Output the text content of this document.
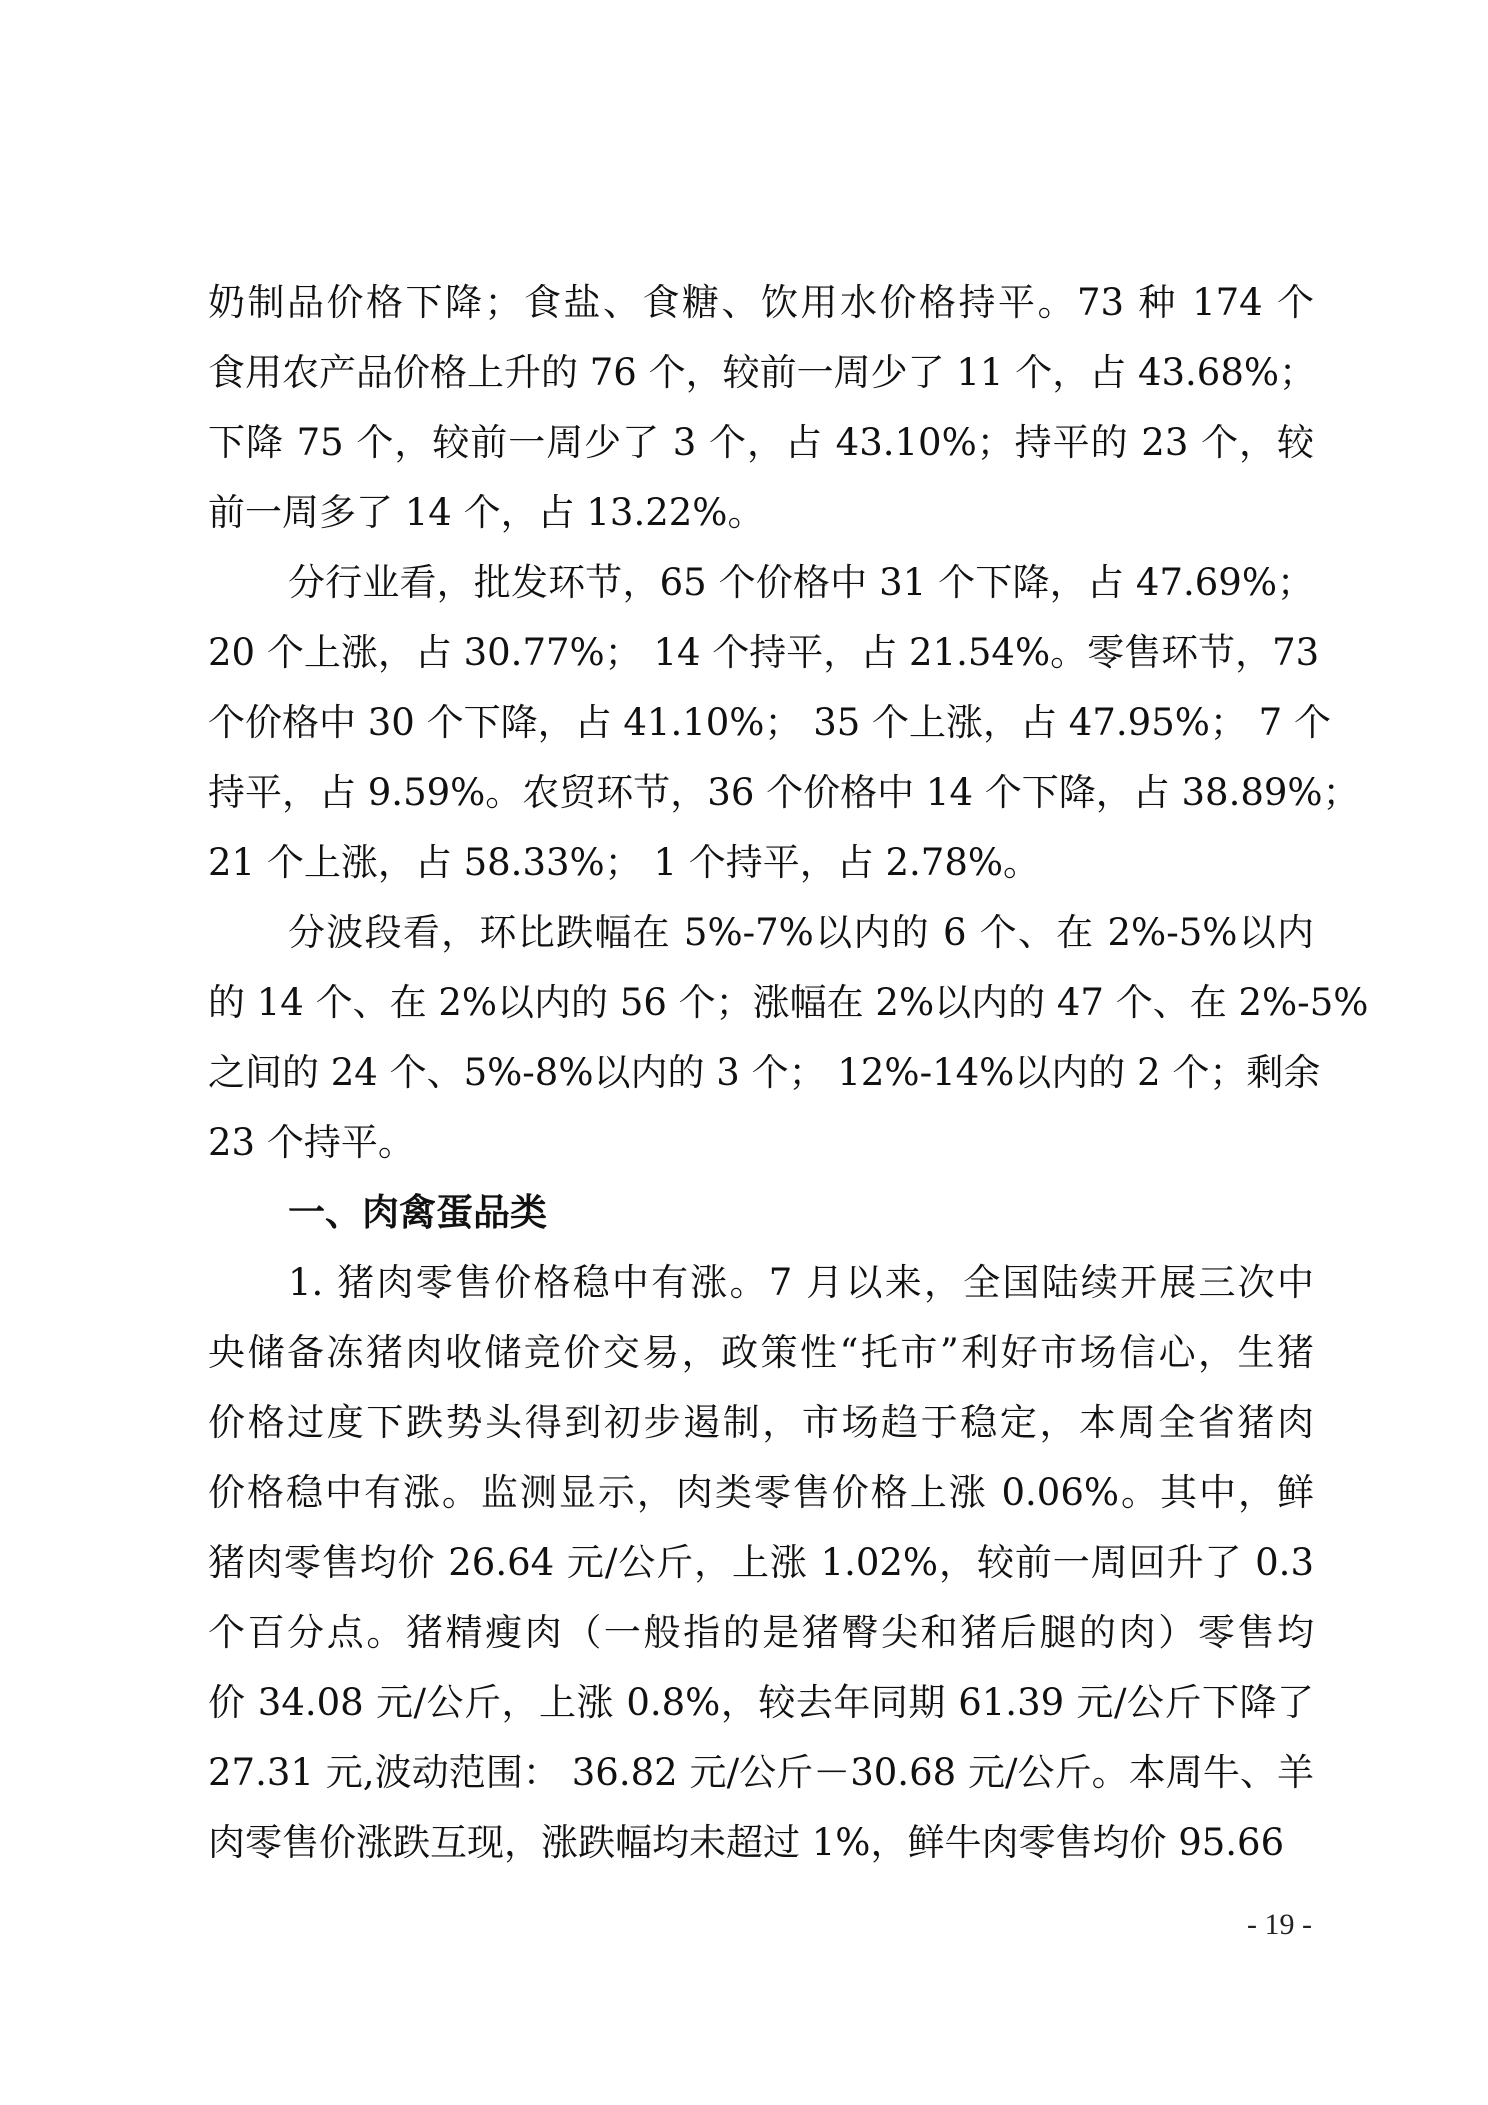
奶制品价格下降；食盐、食糖、饮用水价格持平。73 种 174 个
食用农产品价格上升的 76 个，较前一周少了 11 个，占 43.68%；
下降 75 个，较前一周少了 3 个，占 43.10%；持平的 23 个，较
前一周多了 14 个，占 13.22%。
分行业看，批发环节，65 个价格中 31 个下降，占 47.69%；
20 个上涨，占 30.77%； 14 个持平，占 21.54%。零售环节，73
个价格中 30 个下降，占 41.10%； 35 个上涨，占 47.95%； 7 个
持平，占 9.59%。农贸环节，36 个价格中 14 个下降，占 38.89%；
21 个上涨，占 58.33%； 1 个持平，占 2.78%。
分波段看，环比跌幅在 5%-7%以内的 6 个、在 2%-5%以内
的 14 个、在 2%以内的 56 个；涨幅在 2%以内的 47 个、在 2%-5%
之间的 24 个、5%-8%以内的 3 个； 12%-14%以内的 2 个；剩余
23 个持平。
一、肉禽蛋品类
1. 猪肉零售价格稳中有涨。7 月以来，全国陆续开展三次中
央储备冻猪肉收储竞价交易，政策性“托市”利好市场信心，生猪
价格过度下跌势头得到初步遏制，市场趋于稳定，本周全省猪肉
价格稳中有涨。监测显示，肉类零售价格上涨 0.06%。其中，鲜
猪肉零售均价 26.64 元/公斤，上涨 1.02%，较前一周回升了 0.3
个百分点。猪精瘦肉（一般指的是猪臀尖和猪后腿的肉）零售均
价 34.08 元/公斤，上涨 0.8%，较去年同期 61.39 元/公斤下降了
27.31 元,波动范围： 36.82 元/公斤－30.68 元/公斤。本周牛、羊
肉零售价涨跌互现，涨跌幅均未超过 1%，鲜牛肉零售均价 95.66
- 19 -
